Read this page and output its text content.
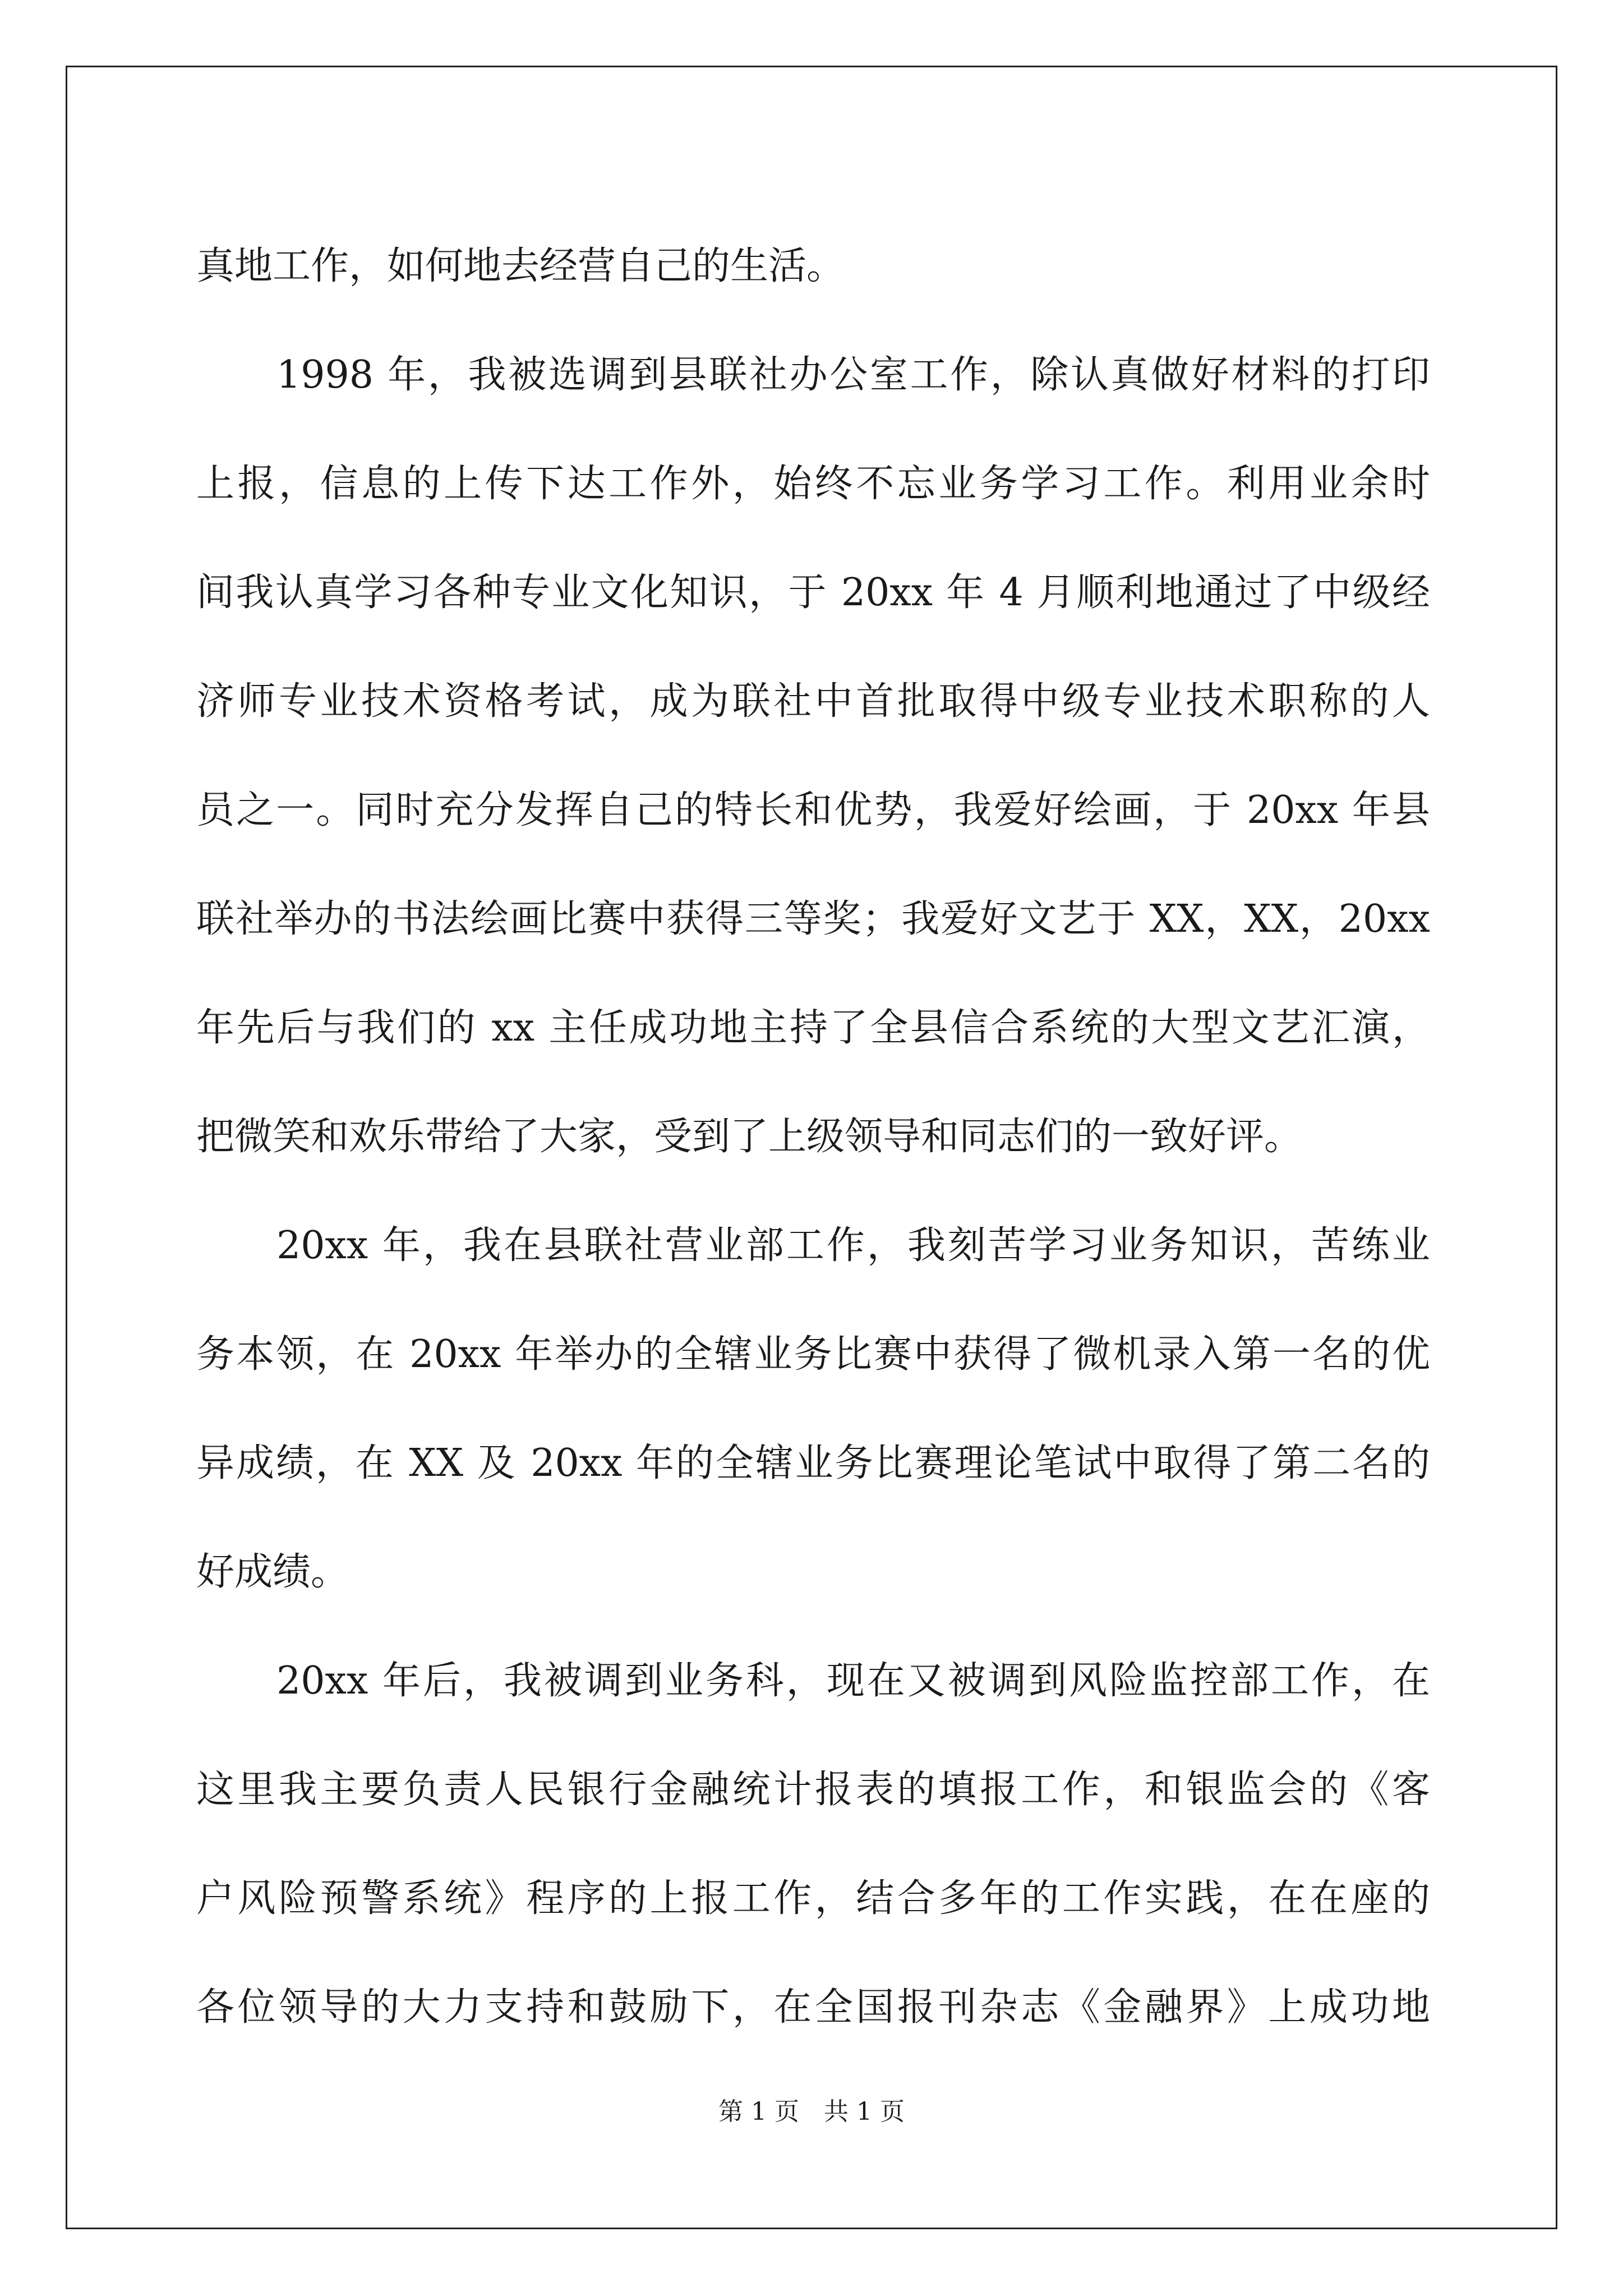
真地工作，如何地去经营自己的生活。

1998 年，我被选调到县联社办公室工作，除认真做好材料的打印

上报，信息的上传下达工作外，始终不忘业务学习工作。利用业余时

间我认真学习各种专业文化知识，于 20xx 年 4 月顺利地通过了中级经

济师专业技术资格考试，成为联社中首批取得中级专业技术职称的人

员之一。同时充分发挥自己的特长和优势，我爱好绘画，于 20xx 年县

联社举办的书法绘画比赛中获得三等奖；我爱好文艺于 XX，XX，20xx

年先后与我们的 xx 主任成功地主持了全县信合系统的大型文艺汇演，

把微笑和欢乐带给了大家，受到了上级领导和同志们的一致好评。

20xx 年，我在县联社营业部工作，我刻苦学习业务知识，苦练业

务本领，在 20xx 年举办的全辖业务比赛中获得了微机录入第一名的优

异成绩，在 XX 及 20xx 年的全辖业务比赛理论笔试中取得了第二名的

好成绩。

20xx 年后，我被调到业务科，现在又被调到风险监控部工作，在

这里我主要负责人民银行金融统计报表的填报工作，和银监会的《客

户风险预警系统》程序的上报工作，结合多年的工作实践，在在座的

各位领导的大力支持和鼓励下，在全国报刊杂志《金融界》上成功地

第 1 页　共 1 页
